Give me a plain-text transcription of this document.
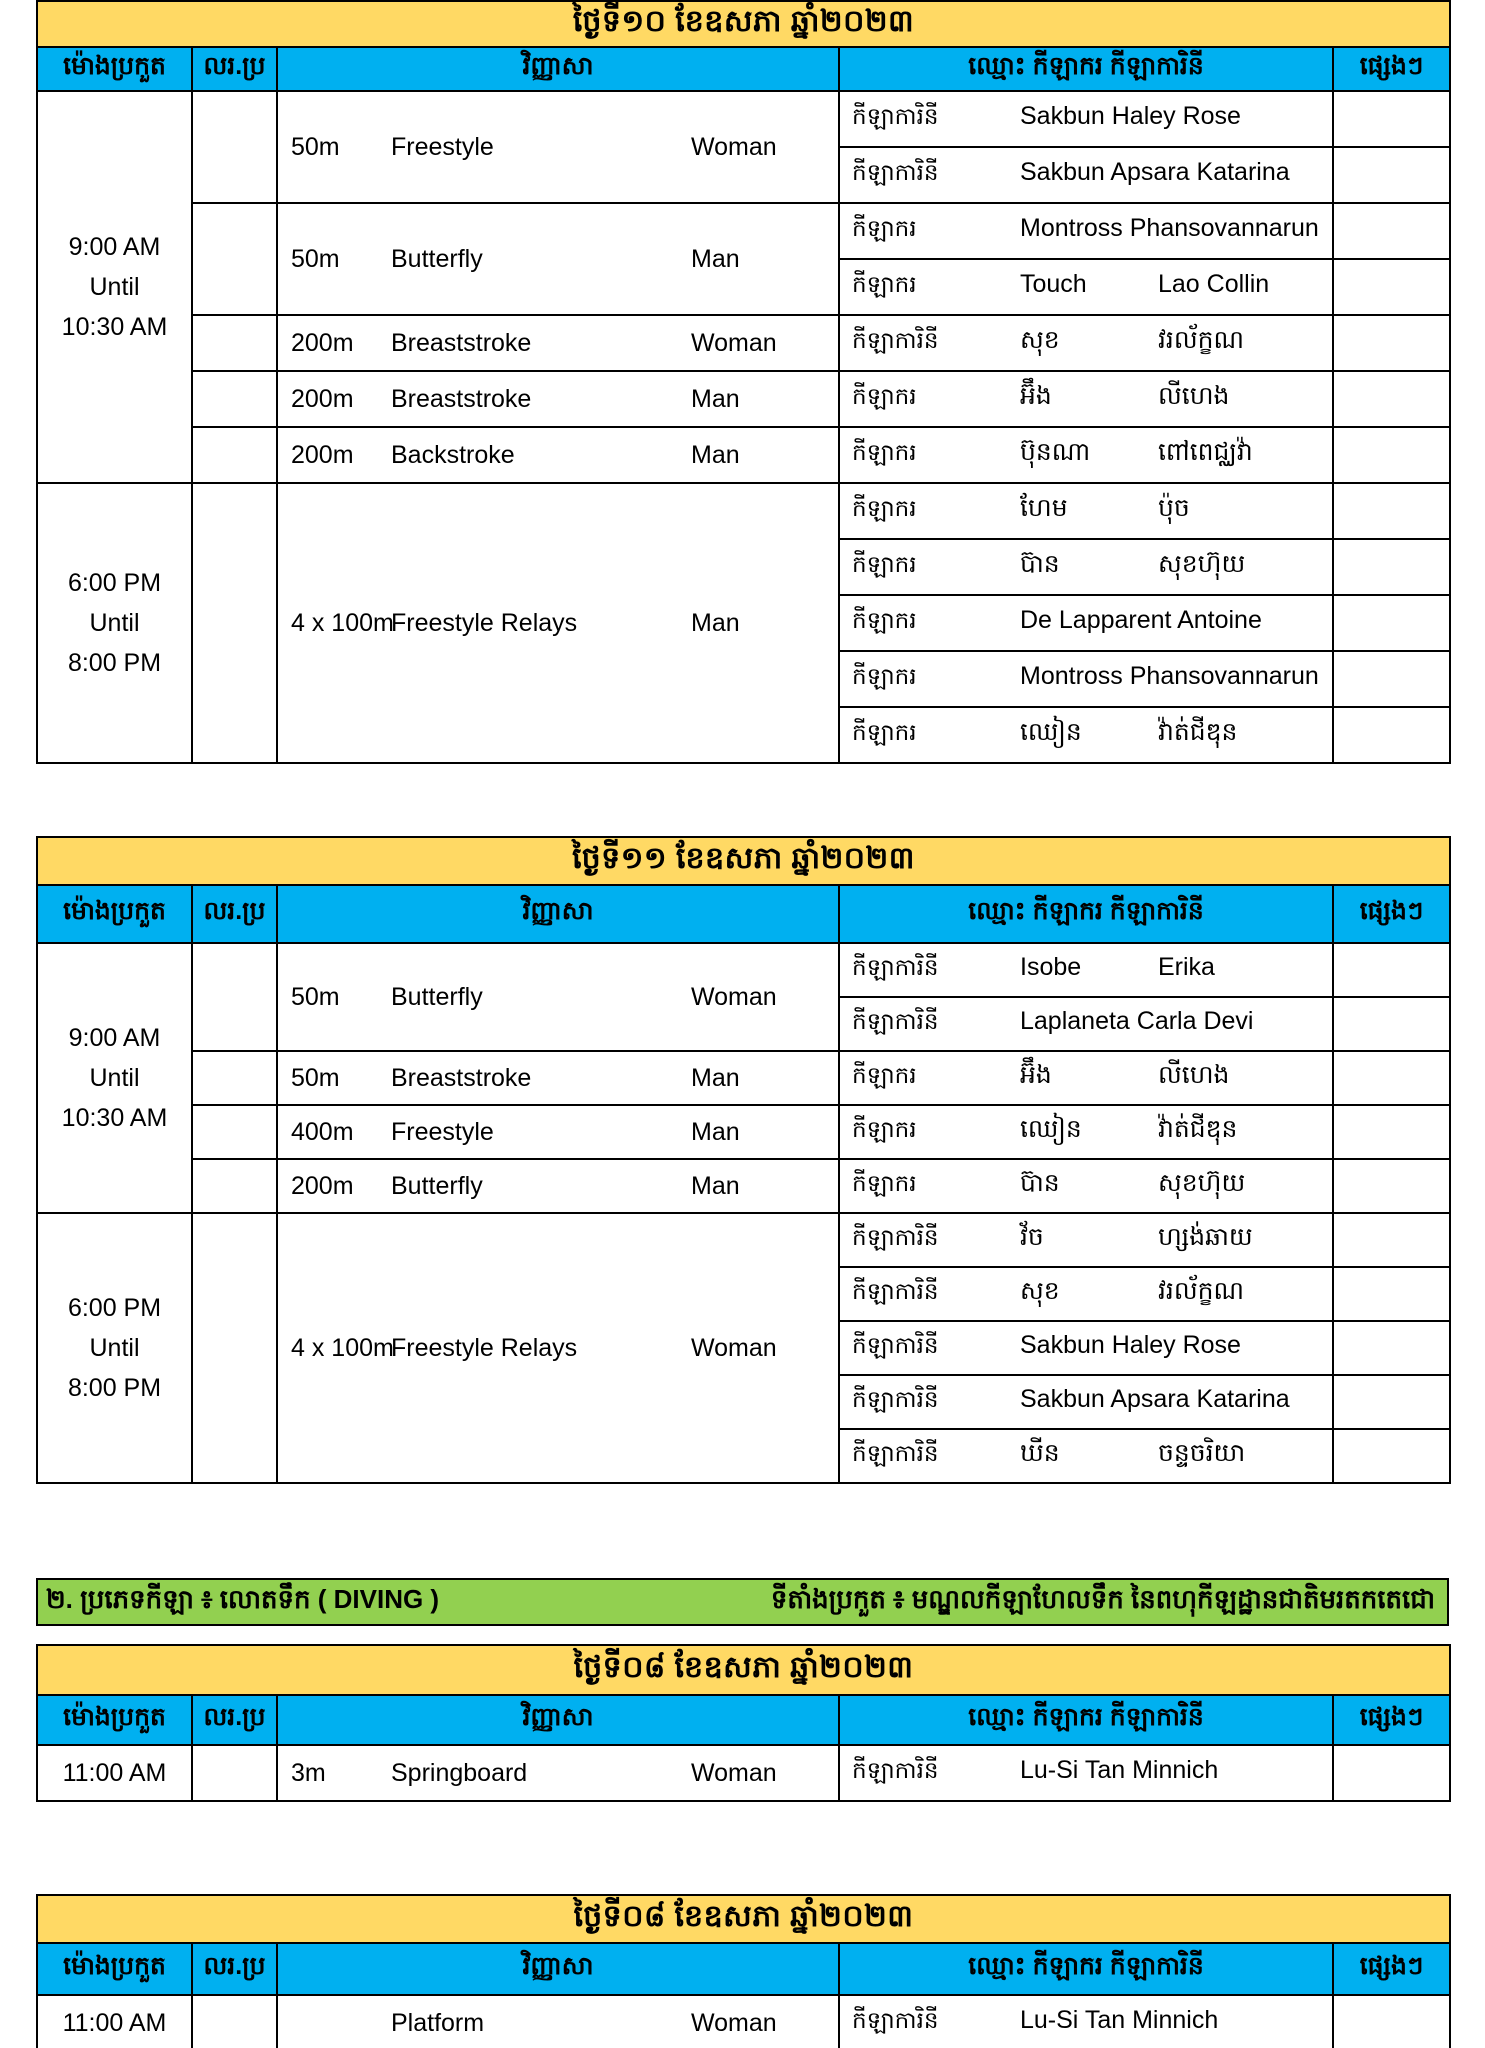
ថ្ងៃទី១០ ខែឧសភា ឆ្នាំ២០២៣				
ម៉ោងប្រកួត	លរ.ប្រ	វិញ្ញាសា	ឈ្មោះ កីឡាករ កីឡាការិនី	ផ្សេងៗ

9:00 AM
Until
10:30 AM		50m Freestyle Woman	កីឡាការិនី Sakbun Haley Rose	
			កីឡាការិនី Sakbun Apsara Katarina	
		50m Butterfly Man	កីឡាករ Montross Phansovannarun	
			កីឡាករ Touch Lao Collin	
		200m Breaststroke Woman	កីឡាការិនី សុខ វរល័ក្ខណ	
		200m Breaststroke Man	កីឡាករ អ៊ឹង លីហេង	
		200m Backstroke Man	កីឡាករ ប៊ុនណា ពៅពេជ្ឈវ៉ា	

6:00 PM
Until
8:00 PM		4 x 100mFreestyle Relays Man	កីឡាករ ហែម ប៉ុច	
			កីឡាករ ប៊ាន សុខហ៊ុយ	
			កីឡាករ De Lapparent Antoine	
			កីឡាករ Montross Phansovannarun	
			កីឡាករ ឈៀន វ៉ាត់ជីឌុន	
ថ្ងៃទី១១ ខែឧសភា ឆ្នាំ២០២៣				
ម៉ោងប្រកួត	លរ.ប្រ	វិញ្ញាសា	ឈ្មោះ កីឡាករ កីឡាការិនី	ផ្សេងៗ

9:00 AM
Until
10:30 AM		50m Butterfly Woman	កីឡាការិនី Isobe Erika	
			កីឡាការិនី Laplaneta Carla Devi	
		50m Breaststroke Man	កីឡាករ អ៊ឹង លីហេង	
		400m Freestyle Man	កីឡាករ ឈៀន វ៉ាត់ជីឌុន	
		200m Butterfly Man	កីឡាករ ប៊ាន សុខហ៊ុយ	

6:00 PM
Until
8:00 PM		4 x 100mFreestyle Relays Woman	កីឡាការិនី វ័ច ហ្សង់ឆាយ	
			កីឡាការិនី សុខ វរល័ក្ខណ	
			កីឡាការិនី Sakbun Haley Rose	
			កីឡាការិនី Sakbun Apsara Katarina	
			កីឡាការិនី ឃីន ចន្ទចរិយា	
២. ប្រភេទកីឡា ៖ លោតទឹក ( DIVING )	ទីតាំងប្រកួត ៖ មណ្ឌលកីឡាហែលទឹក នៃពហុកីឡដ្ឋានជាតិមរតកតេជោ
ថ្ងៃទី០៨ ខែឧសភា ឆ្នាំ២០២៣				
ម៉ោងប្រកួត	លរ.ប្រ	វិញ្ញាសា	ឈ្មោះ កីឡាករ កីឡាការិនី	ផ្សេងៗ

11:00 AM		3m Springboard Woman	កីឡាការិនី Lu-Si Tan Minnich	
ថ្ងៃទី០៨ ខែឧសភា ឆ្នាំ២០២៣				
ម៉ោងប្រកួត	លរ.ប្រ	វិញ្ញាសា	ឈ្មោះ កីឡាករ កីឡាការិនី	ផ្សេងៗ

11:00 AM		Platform Woman	កីឡាការិនី Lu-Si Tan Minnich	
